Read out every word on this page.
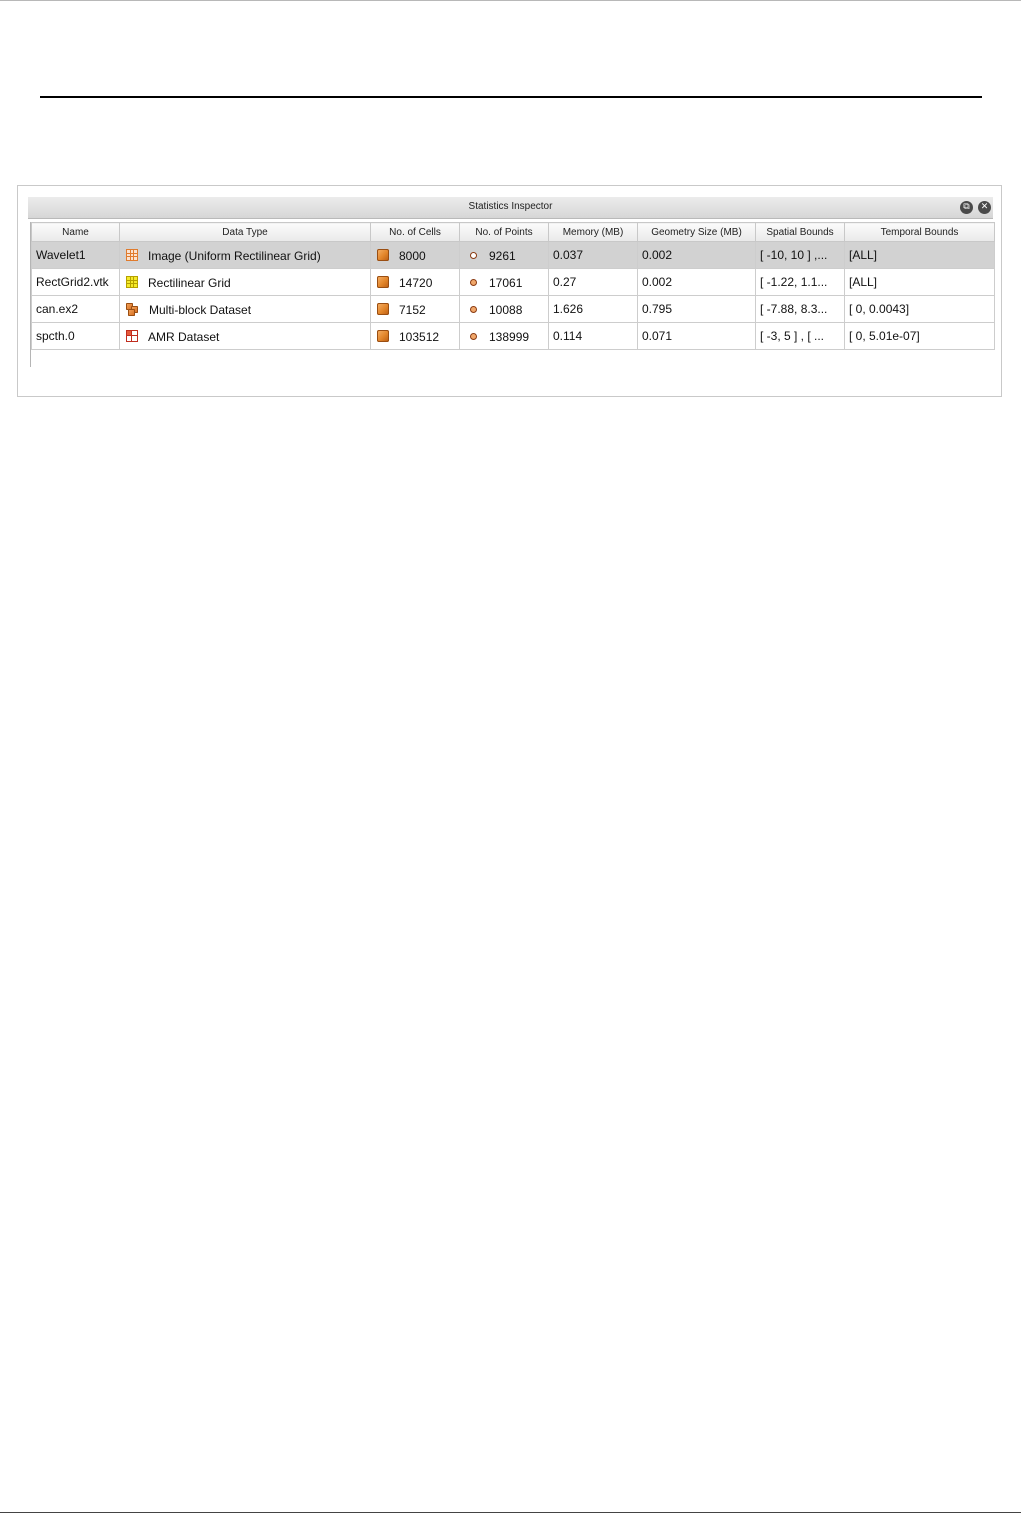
Statistics Inspector	⧉	✕
Name	Data Type	No. of Cells	No. of Points	Memory (MB)	Geometry Size (MB)	Spatial Bounds	Temporal Bounds
Wavelet1	Image (Uniform Rectilinear Grid)	8000	9261	0.037	0.002	[ -10, 10 ] ,...	[ALL]
RectGrid2.vtk	Rectilinear Grid	14720	17061	0.27	0.002	[ -1.22, 1.1...	[ALL]
can.ex2	Multi-block Dataset	7152	10088	1.626	0.795	[ -7.88, 8.3...	[ 0, 0.0043]
spcth.0	AMR Dataset	103512	138999	0.114	0.071	[ -3, 5 ] , [ ...	[ 0, 5.01e-07]
